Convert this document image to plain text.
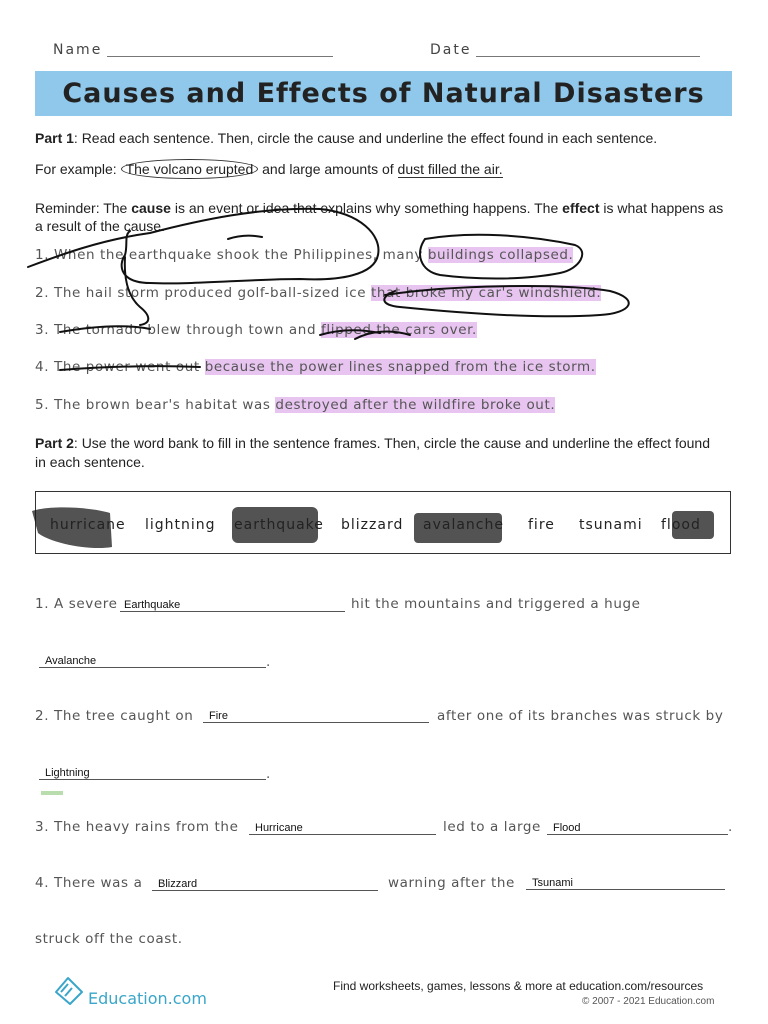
Name	Date
Causes and Effects of Natural Disasters
Part 1: Read each sentence. Then, circle the cause and underline the effect found in each sentence.
For example: The volcano erupted and large amounts of dust filled the air.
Reminder: The cause is an event or idea that explains why something happens. The effect is what happens as
a result of the cause.
1. When the earthquake shook the Philippines, many buildings collapsed.
2. The hail storm produced golf-ball-sized ice that broke my car's windshield.
3. The tornado blew through town and flipped the cars over.
4. The power went out because the power lines snapped from the ice storm.
5. The brown bear's habitat was destroyed after the wildfire broke out.
Part 2: Use the word bank to fill in the sentence frames. Then, circle the cause and underline the effect found
in each sentence.
hurricane lightning earthquake blizzard avalanche fire tsunami flood
1. A severe Earthquake	hit the mountains and triggered a huge
Avalanche	.
2. The tree caught on Fire	after one of its branches was struck by
Lightning	.
3. The heavy rains from the Hurricane	led to a large Flood	.
4. There was a Blizzard	warning after the Tsunami
struck off the coast.
Education.com
Find worksheets, games, lessons & more at education.com/resources
© 2007 - 2021 Education.com
